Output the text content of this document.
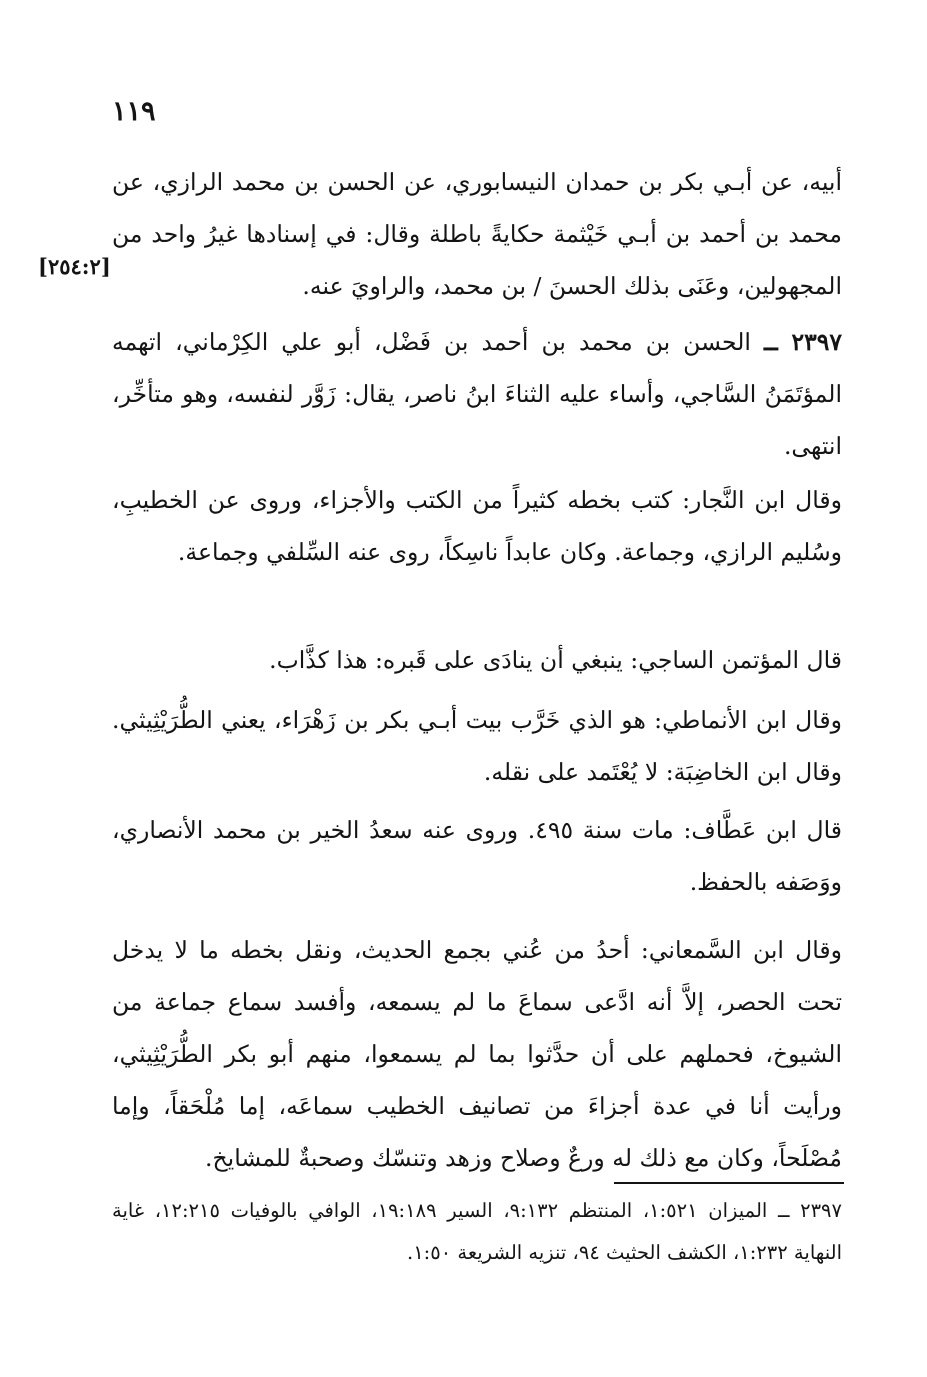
١١٩
[٢٥٤:٢]
أبيه، عن أبـي بكر بن حمدان النيسابوري، عن الحسن بن محمد الرازي، عن محمد بن أحمد بن أبـي خَيْثمة حكايةً باطلة وقال: في إسنادها غيرُ واحد من المجهولين، وعَنَى بذلك الحسنَ / بن محمد، والراويَ عنه.
٢٣٩٧ ــ الحسن بن محمد بن أحمد بن فَضْل، أبو علي الكِرْماني، اتهمه المؤتَمَنُ السَّاجي، وأساء عليه الثناءَ ابنُ ناصر، يقال: زَوَّر لنفسه، وهو متأخِّر، انتهى.
وقال ابن النَّجار: كتب بخطه كثيراً من الكتب والأجزاء، وروى عن الخطيبِ، وسُليم الرازي، وجماعة. وكان عابداً ناسِكاً، روى عنه السِّلفي وجماعة.
قال المؤتمن الساجي: ينبغي أن ينادَى على قَبره: هذا كذَّاب.
وقال ابن الأنماطي: هو الذي خَرَّب بيت أبـي بكر بن زَهْرَاء، يعني الطُّرَيْثِيثي. وقال ابن الخاضِبَة: لا يُعْتَمد على نقله.
قال ابن عَطَّاف: مات سنة ٤٩٥. وروى عنه سعدُ الخير بن محمد الأنصاري، ووَصَفه بالحفظ.
وقال ابن السَّمعاني: أحدُ من عُني بجمع الحديث، ونقل بخطه ما لا يدخل تحت الحصر، إلاَّ أنه ادَّعى سماعَ ما لم يسمعه، وأفسد سماع جماعة من الشيوخ، فحملهم على أن حدَّثوا بما لم يسمعوا، منهم أبو بكر الطُّرَيْثِيثي، ورأيت أنا في عدة أجزاءَ من تصانيف الخطيب سماعَه، إما مُلْحَقاً، وإما مُصْلَحاً، وكان مع ذلك له ورعٌ وصلاح وزهد وتنسّك وصحبةٌ للمشايخ.
٢٣٩٧ ــ الميزان ١:٥٢١، المنتظم ٩:١٣٢، السير ١٩:١٨٩، الوافي بالوفيات ١٢:٢١٥، غاية النهاية ١:٢٣٢، الكشف الحثيث ٩٤، تنزيه الشريعة ١:٥٠.
